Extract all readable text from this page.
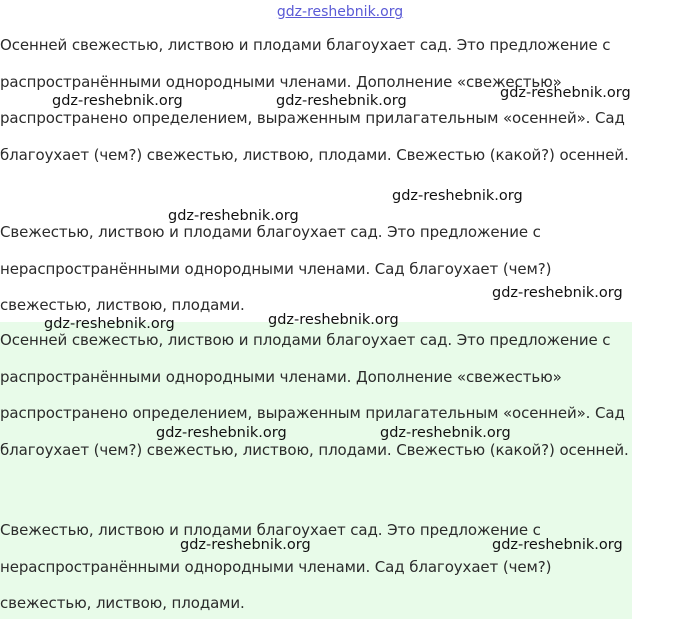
gdz-reshebnik.org

Осенней свежестью, листвою и плодами благоухает сад. Это предложение с распространёнными однородными членами. Дополнение «свежестью» распространено определением, выраженным прилагательным «осенней». Сад благоухает (чем?) свежестью, листвою, плодами. Свежестью (какой?) осенней.

Свежестью, листвою и плодами благоухает сад. Это предложение с нераспространёнными однородными членами. Сад благоухает (чем?) свежестью, листвою, плодами.

Осенней свежестью, листвою и плодами благоухает сад. Это предложение с распространёнными однородными членами. Дополнение «свежестью» распространено определением, выраженным прилагательным «осенней». Сад благоухает (чем?) свежестью, листвою, плодами. Свежестью (какой?) осенней.

Свежестью, листвою и плодами благоухает сад. Это предложение с нераспространёнными однородными членами. Сад благоухает (чем?) свежестью, листвою, плодами.

gdz-reshebnik.org	gdz-reshebnik.org	gdz-reshebnik.org
gdz-reshebnik.org
gdz-reshebnik.org
gdz-reshebnik.org
gdz-reshebnik.org	gdz-reshebnik.org
gdz-reshebnik.org	gdz-reshebnik.org
gdz-reshebnik.org	gdz-reshebnik.org
